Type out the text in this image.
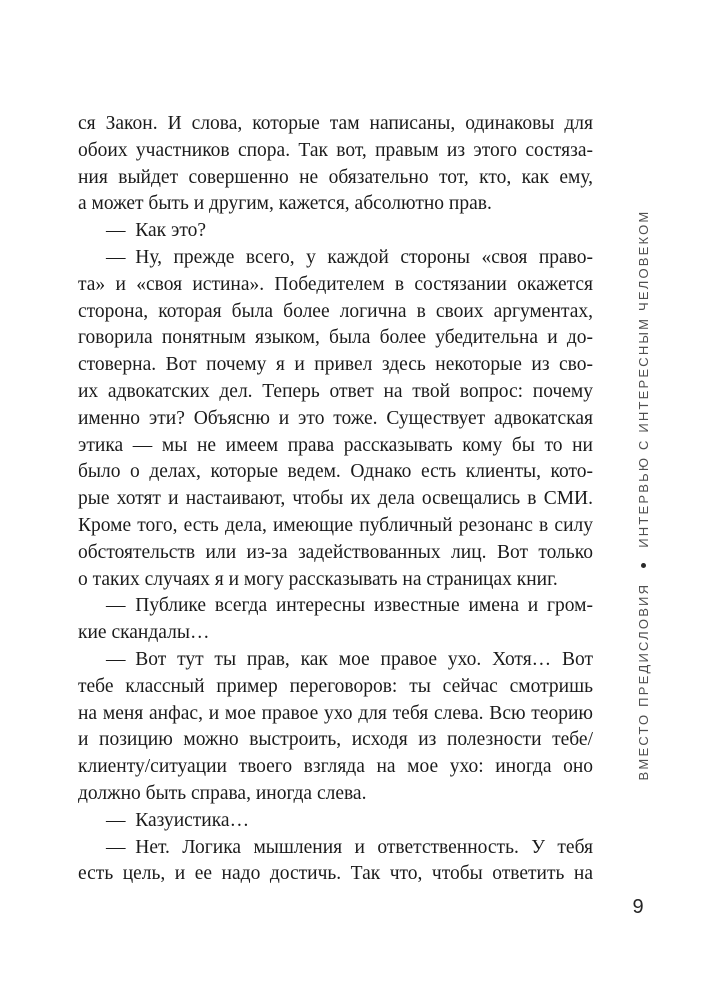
ся Закон. И слова, которые там написаны, одинаковы для
обоих участников спора. Так вот, правым из этого состяза-
ния выйдет совершенно не обязательно тот, кто, как ему,
а может быть и другим, кажется, абсолютно прав.
— Как это?
— Ну, прежде всего, у каждой стороны «своя право-
та» и «своя истина». Победителем в состязании окажется
сторона, которая была более логична в своих аргументах,
говорила понятным языком, была более убедительна и до-
стоверна. Вот почему я и привел здесь некоторые из сво-
их адвокатских дел. Теперь ответ на твой вопрос: почему
именно эти? Объясню и это тоже. Существует адвокатская
этика — мы не имеем права рассказывать кому бы то ни
было о делах, которые ведем. Однако есть клиенты, кото-
рые хотят и настаивают, чтобы их дела освещались в СМИ.
Кроме того, есть дела, имеющие публичный резонанс в силу
обстоятельств или из-за задействованных лиц. Вот только
о таких случаях я и могу рассказывать на страницах книг.
— Публике всегда интересны известные имена и гром-
кие скандалы…
— Вот тут ты прав, как мое правое ухо. Хотя… Вот
тебе классный пример переговоров: ты сейчас смотришь
на меня анфас, и мое правое ухо для тебя слева. Всю теорию
и позицию можно выстроить, исходя из полезности тебе/
клиенту/ситуации твоего взгляда на мое ухо: иногда оно
должно быть справа, иногда слева.
— Казуистика…
— Нет. Логика мышления и ответственность. У тебя
есть цель, и ее надо достичь. Так что, чтобы ответить на
ВМЕСТО ПРЕДИСЛОВИЯ
ИНТЕРВЬЮ С ИНТЕРЕСНЫМ ЧЕЛОВЕКОМ
9
